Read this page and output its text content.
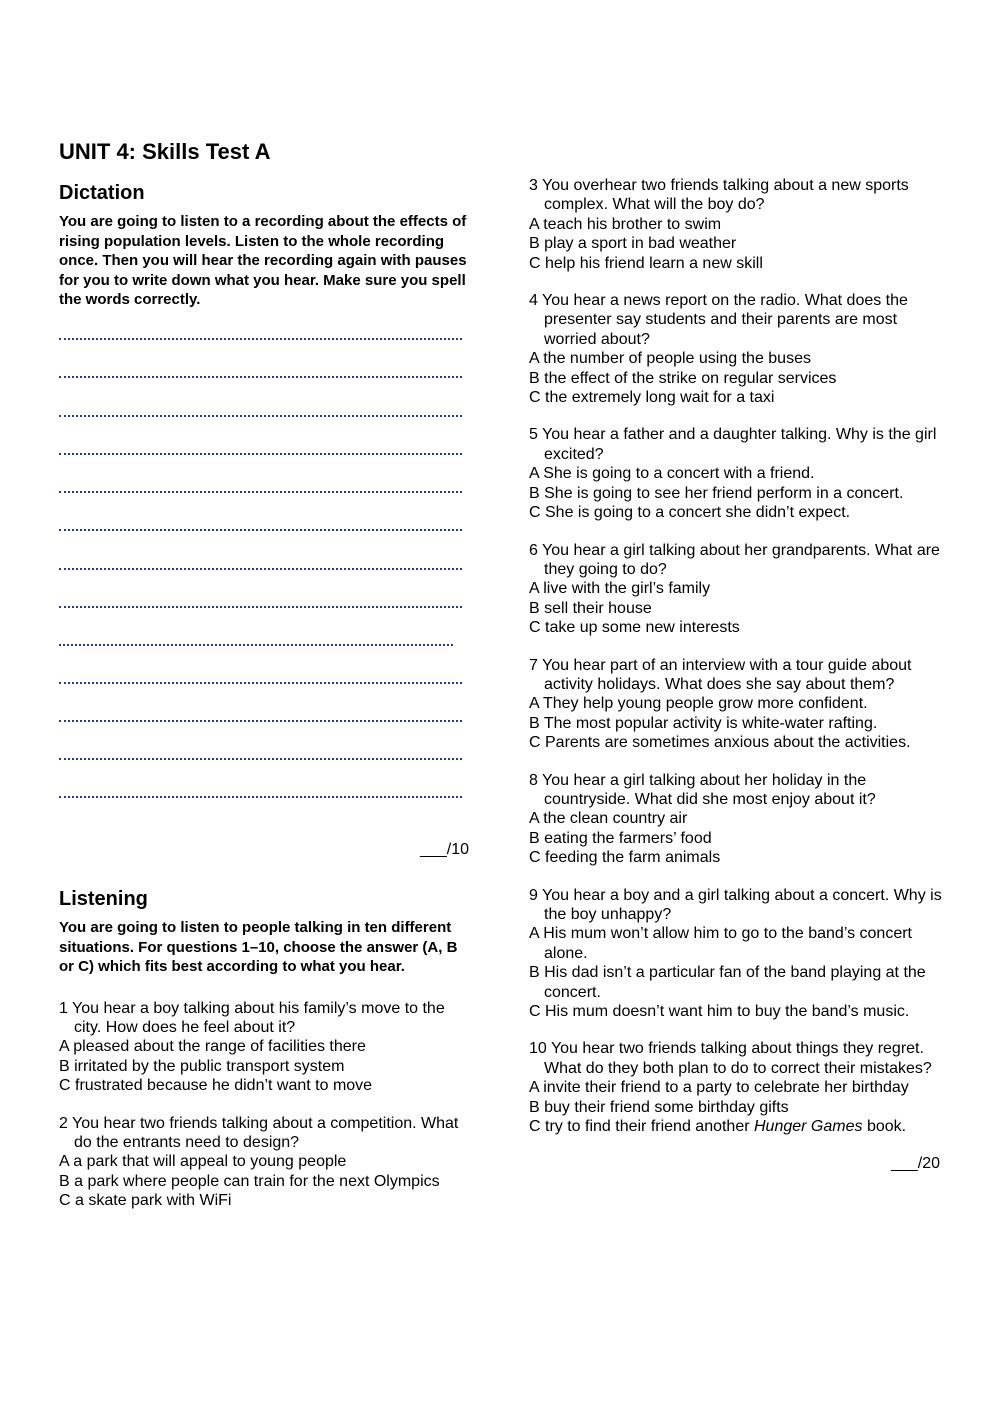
UNIT 4: Skills Test A
Dictation

You are going to listen to a recording about the effects of rising population levels. Listen to the whole recording once. Then you will hear the recording again with pauses for you to write down what you hear. Make sure you spell the words correctly.

___/10
Listening

You are going to listen to people talking in ten different situations. For questions 1–10, choose the answer (A, B or C) which fits best according to what you hear.

1 You hear a boy talking about his family’s move to the city. How does he feel about it?

A pleased about the range of facilities there

B irritated by the public transport system

C frustrated because he didn’t want to move

2 You hear two friends talking about a competition. What do the entrants need to design?

A a park that will appeal to young people

B a park where people can train for the next Olympics

C a skate park with WiFi

3 You overhear two friends talking about a new sports complex. What will the boy do?

A teach his brother to swim

B play a sport in bad weather

C help his friend learn a new skill

4 You hear a news report on the radio. What does the presenter say students and their parents are most worried about?

A the number of people using the buses

B the effect of the strike on regular services

C the extremely long wait for a taxi

5 You hear a father and a daughter talking. Why is the girl excited?

A She is going to a concert with a friend.

B She is going to see her friend perform in a concert.

C She is going to a concert she didn’t expect.

6 You hear a girl talking about her grandparents. What are they going to do?

A live with the girl’s family

B sell their house

C take up some new interests

7 You hear part of an interview with a tour guide about activity holidays. What does she say about them?

A They help young people grow more confident.

B The most popular activity is white-water rafting.

C Parents are sometimes anxious about the activities.

8 You hear a girl talking about her holiday in the countryside. What did she most enjoy about it?

A the clean country air

B eating the farmers’ food

C feeding the farm animals

9 You hear a boy and a girl talking about a concert. Why is the boy unhappy?

A His mum won’t allow him to go to the band’s concert alone.

B His dad isn’t a particular fan of the band playing at the concert.

C His mum doesn’t want him to buy the band’s music.

10 You hear two friends talking about things they regret. What do they both plan to do to correct their mistakes?

A invite their friend to a party to celebrate her birthday

B buy their friend some birthday gifts

C try to find their friend another Hunger Games book.

___/20
